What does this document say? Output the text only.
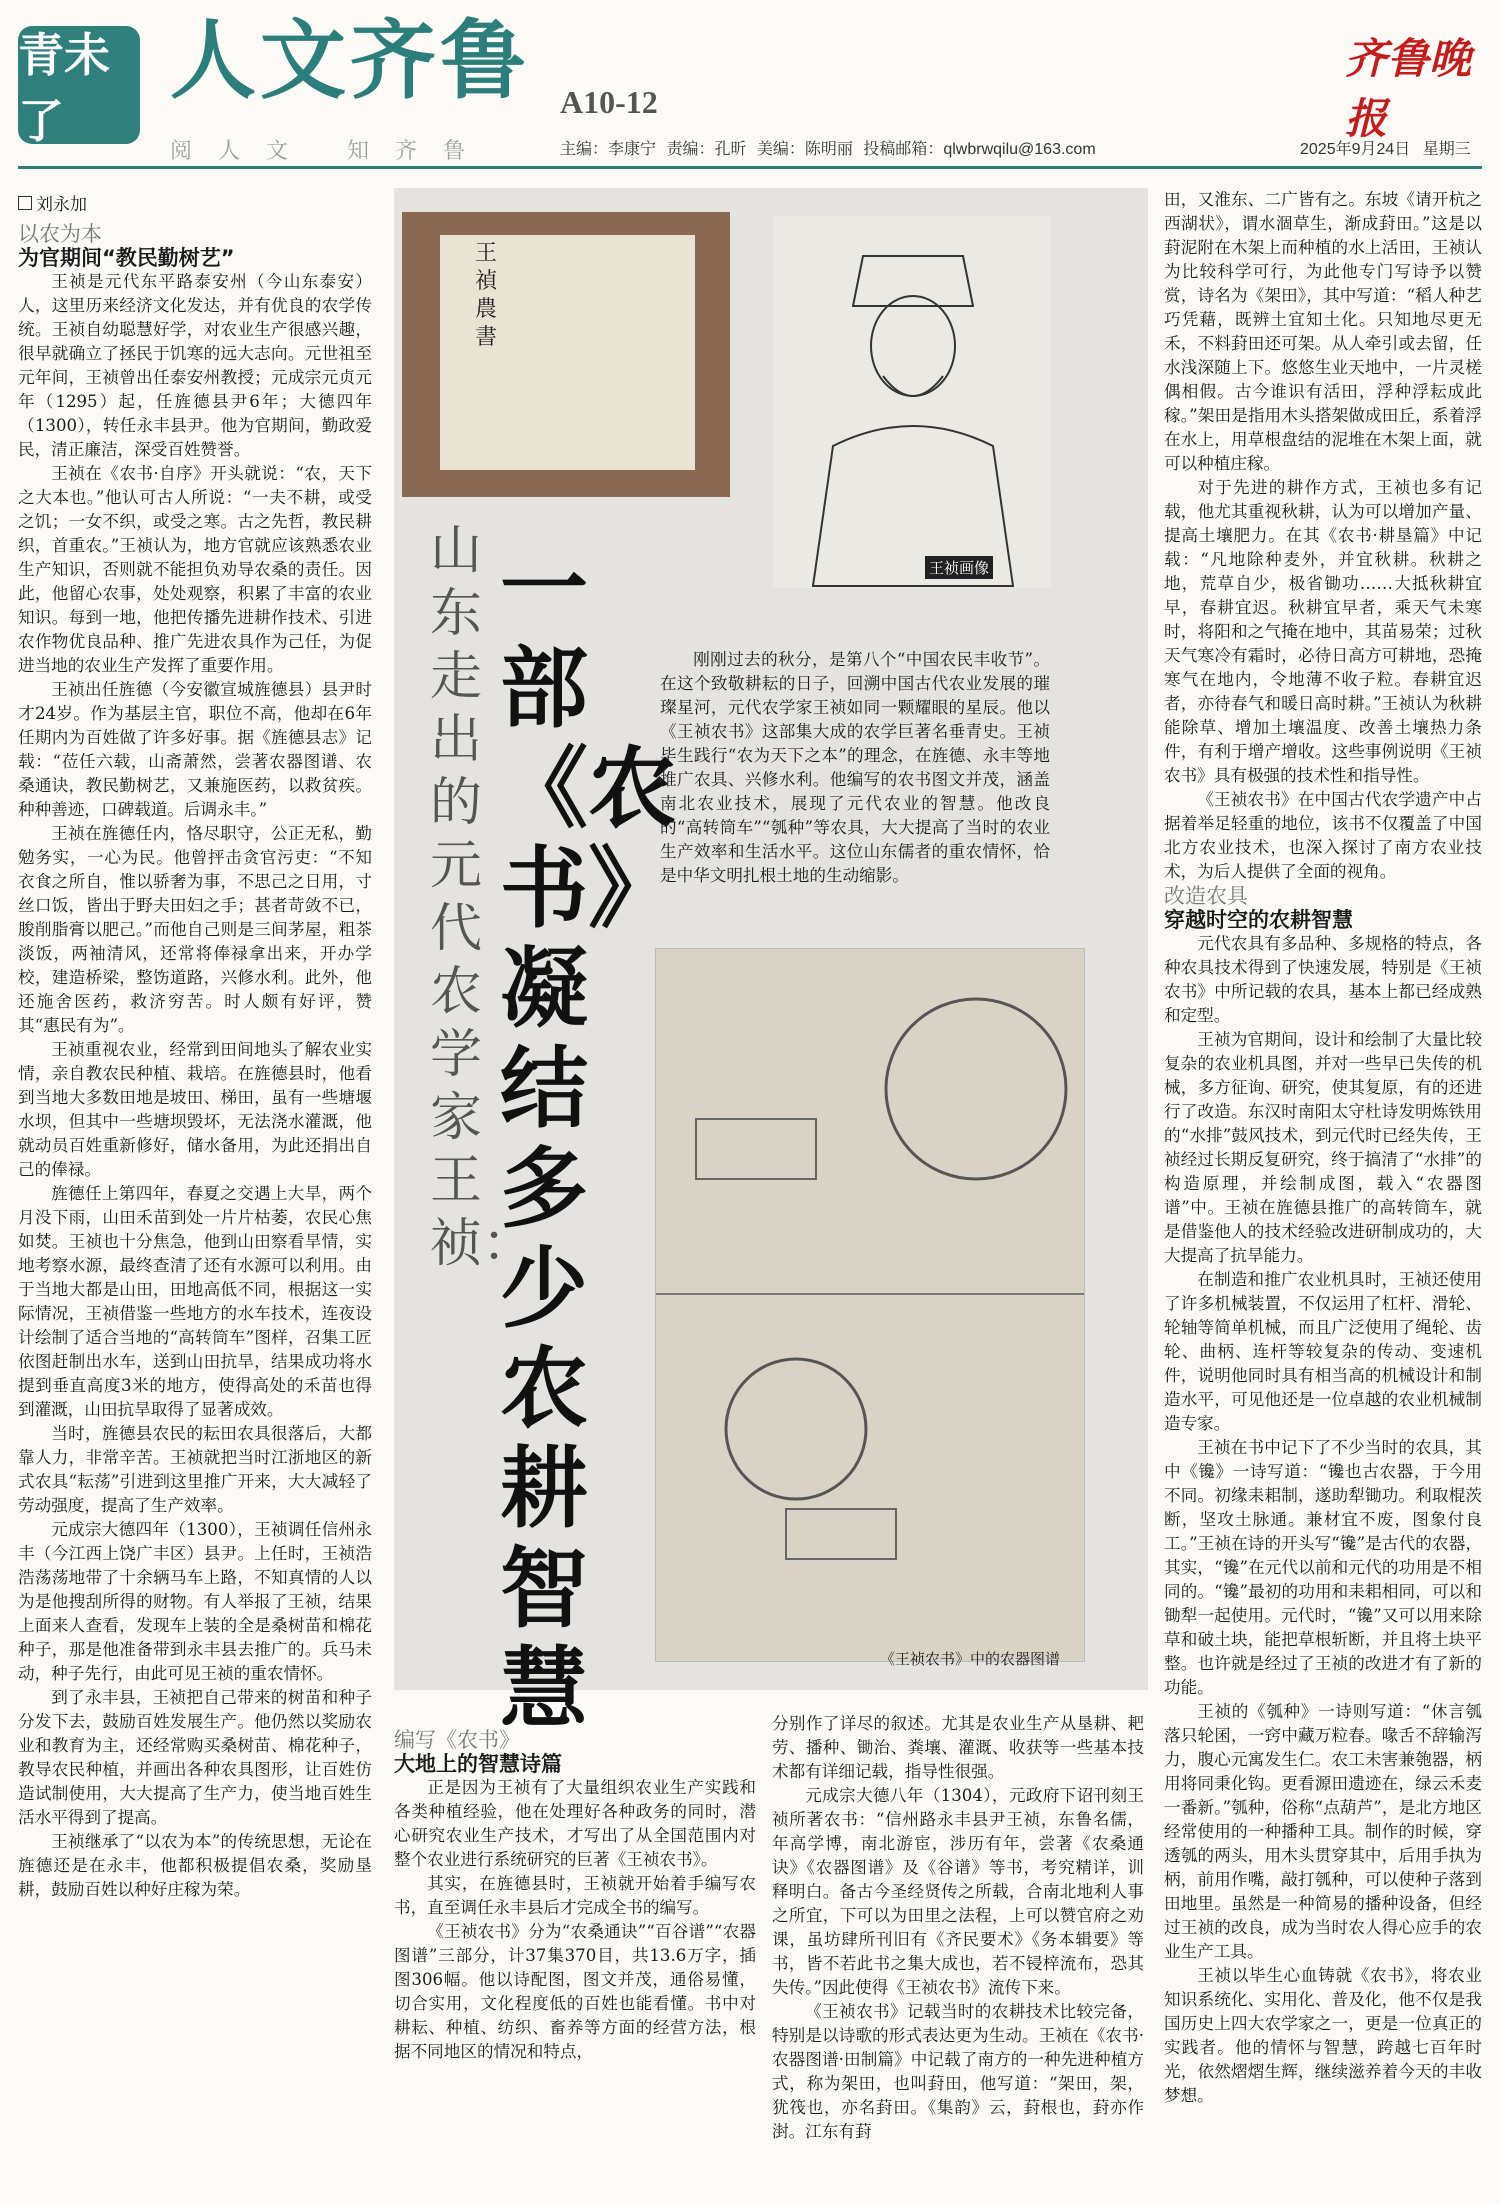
青未了
人文齐鲁 A10-12
齐鲁晚报
阅人文 知齐鲁	主编：李康宁 责编：孔昕 美编：陈明丽 投稿邮箱：qlwbrwqilu@163.com	2025年9月24日 星期三
刘永加

以农为本

为官期间“教民勤树艺”

王祯是元代东平路泰安州（今山东泰安）人，这里历来经济文化发达，并有优良的农学传统。王祯自幼聪慧好学，对农业生产很感兴趣，很早就确立了拯民于饥寒的远大志向。元世祖至元年间，王祯曾出任泰安州教授；元成宗元贞元年（1295）起，任旌德县尹6年；大德四年（1300），转任永丰县尹。他为官期间，勤政爱民，清正廉洁，深受百姓赞誉。

王祯在《农书·自序》开头就说：“农，天下之大本也。”他认可古人所说：“一夫不耕，或受之饥；一女不织，或受之寒。古之先哲，教民耕织，首重农。”王祯认为，地方官就应该熟悉农业生产知识，否则就不能担负劝导农桑的责任。因此，他留心农事，处处观察，积累了丰富的农业知识。每到一地，他把传播先进耕作技术、引进农作物优良品种、推广先进农具作为己任，为促进当地的农业生产发挥了重要作用。

王祯出任旌德（今安徽宣城旌德县）县尹时才24岁。作为基层主官，职位不高，他却在6年任期内为百姓做了许多好事。据《旌德县志》记载：“莅任六载，山斋萧然，尝著农器图谱、农桑通诀，教民勤树艺，又兼施医药，以救贫疾。种种善迹，口碑载道。后调永丰。”

王祯在旌德任内，恪尽职守，公正无私，勤勉务实，一心为民。他曾抨击贪官污吏：“不知衣食之所自，惟以骄奢为事，不思己之日用，寸丝口饭，皆出于野夫田妇之手；甚者苛敛不已，朘削脂膏以肥己。”而他自己则是三间茅屋，粗茶淡饭，两袖清风，还常将俸禄拿出来，开办学校，建造桥梁，整饬道路，兴修水利。此外，他还施舍医药，救济穷苦。时人颇有好评，赞其“惠民有为”。

王祯重视农业，经常到田间地头了解农业实情，亲自教农民种植、栽培。在旌德县时，他看到当地大多数田地是坡田、梯田，虽有一些塘堰水坝，但其中一些塘坝毁坏，无法浇水灌溉，他就动员百姓重新修好，储水备用，为此还捐出自己的俸禄。

旌德任上第四年，春夏之交遇上大旱，两个月没下雨，山田禾苗到处一片片枯萎，农民心焦如焚。王祯也十分焦急，他到山田察看旱情，实地考察水源，最终查清了还有水源可以利用。由于当地大都是山田，田地高低不同，根据这一实际情况，王祯借鉴一些地方的水车技术，连夜设计绘制了适合当地的“高转筒车”图样，召集工匠依图赶制出水车，送到山田抗旱，结果成功将水提到垂直高度3米的地方，使得高处的禾苗也得到灌溉，山田抗旱取得了显著成效。

当时，旌德县农民的耘田农具很落后，大都靠人力，非常辛苦。王祯就把当时江浙地区的新式农具“耘荡”引进到这里推广开来，大大减轻了劳动强度，提高了生产效率。

元成宗大德四年（1300），王祯调任信州永丰（今江西上饶广丰区）县尹。上任时，王祯浩浩荡荡地带了十余辆马车上路，不知真情的人以为是他搜刮所得的财物。有人举报了王祯，结果上面来人查看，发现车上装的全是桑树苗和棉花种子，那是他准备带到永丰县去推广的。兵马未动，种子先行，由此可见王祯的重农情怀。

到了永丰县，王祯把自己带来的树苗和种子分发下去，鼓励百姓发展生产。他仍然以奖励农业和教育为主，还经常购买桑树苗、棉花种子，教导农民种植，并画出各种农具图形，让百姓仿造试制使用，大大提高了生产力，使当地百姓生活水平得到了提高。

王祯继承了“以农为本”的传统思想，无论在旌德还是在永丰，他都积极提倡农桑，奖励垦耕，鼓励百姓以种好庄稼为荣。

王禎農書
王祯画像
一部《农书》凝结多少农耕智慧
山东走出的元代农学家王祯：

刚刚过去的秋分，是第八个“中国农民丰收节”。在这个致敬耕耘的日子，回溯中国古代农业发展的璀璨星河，元代农学家王祯如同一颗耀眼的星辰。他以《王祯农书》这部集大成的农学巨著名垂青史。王祯毕生践行“农为天下之本”的理念，在旌德、永丰等地推广农具、兴修水利。他编写的农书图文并茂，涵盖南北农业技术，展现了元代农业的智慧。他改良的“高转筒车”“瓠种”等农具，大大提高了当时的农业生产效率和生活水平。这位山东儒者的重农情怀，恰是中华文明扎根土地的生动缩影。

《王祯农书》中的农器图谱

编写《农书》

大地上的智慧诗篇

正是因为王祯有了大量组织农业生产实践和各类种植经验，他在处理好各种政务的同时，潜心研究农业生产技术，才写出了从全国范围内对整个农业进行系统研究的巨著《王祯农书》。

其实，在旌德县时，王祯就开始着手编写农书，直至调任永丰县后才完成全书的编写。

《王祯农书》分为“农桑通诀”“百谷谱”“农器图谱”三部分，计37集370目，共13.6万字，插图306幅。他以诗配图，图文并茂，通俗易懂，切合实用，文化程度低的百姓也能看懂。书中对耕耘、种植、纺织、畜养等方面的经营方法，根据不同地区的情况和特点，

分别作了详尽的叙述。尤其是农业生产从垦耕、耙劳、播种、锄治、粪壤、灌溉、收获等一些基本技术都有详细记载，指导性很强。

元成宗大德八年（1304），元政府下诏刊刻王祯所著农书：“信州路永丰县尹王祯，东鲁名儒，年高学博，南北游宦，涉历有年，尝著《农桑通诀》《农器图谱》及《谷谱》等书，考究精详，训释明白。备古今圣经贤传之所载，合南北地利人事之所宜，下可以为田里之法程，上可以赞官府之劝课，虽坊肆所刊旧有《齐民要术》《务本辑要》等书，皆不若此书之集大成也，若不锓梓流布，恐其失传。”因此使得《王祯农书》流传下来。

《王祯农书》记载当时的农耕技术比较完备，特别是以诗歌的形式表达更为生动。王祯在《农书·农器图谱·田制篇》中记载了南方的一种先进种植方式，称为架田，也叫葑田，他写道：“架田，架，犹筏也，亦名葑田。《集韵》云，葑根也，葑亦作湗。江东有葑

田，又淮东、二广皆有之。东坡《请开杭之西湖状》，谓水涸草生，渐成葑田。”这是以葑泥附在木架上而种植的水上活田，王祯认为比较科学可行，为此他专门写诗予以赞赏，诗名为《架田》，其中写道：“稻人种艺巧凭藉，既辨土宜知土化。只知地尽更无禾，不料葑田还可架。从人牵引或去留，任水浅深随上下。悠悠生业天地中，一片灵槎偶相假。古今谁识有活田，浮种浮耘成此稼。”架田是指用木头搭架做成田丘，系着浮在水上，用草根盘结的泥堆在木架上面，就可以种植庄稼。

对于先进的耕作方式，王祯也多有记载，他尤其重视秋耕，认为可以增加产量、提高土壤肥力。在其《农书·耕垦篇》中记载：“凡地除种麦外，并宜秋耕。秋耕之地，荒草自少，极省锄功……大抵秋耕宜早，春耕宜迟。秋耕宜早者，乘天气未寒时，将阳和之气掩在地中，其苗易荣；过秋天气寒冷有霜时，必待日高方可耕地，恐掩寒气在地内，令地薄不收子粒。春耕宜迟者，亦待春气和暖日高时耕。”王祯认为秋耕能除草、增加土壤温度、改善土壤热力条件，有利于增产增收。这些事例说明《王祯农书》具有极强的技术性和指导性。

《王祯农书》在中国古代农学遗产中占据着举足轻重的地位，该书不仅覆盖了中国北方农业技术，也深入探讨了南方农业技术，为后人提供了全面的视角。

改造农具

穿越时空的农耕智慧

元代农具有多品种、多规格的特点，各种农具技术得到了快速发展，特别是《王祯农书》中所记载的农具，基本上都已经成熟和定型。

王祯为官期间，设计和绘制了大量比较复杂的农业机具图，并对一些早已失传的机械，多方征询、研究，使其复原，有的还进行了改造。东汉时南阳太守杜诗发明炼铁用的“水排”鼓风技术，到元代时已经失传，王祯经过长期反复研究，终于搞清了“水排”的构造原理，并绘制成图，载入“农器图谱”中。王祯在旌德县推广的高转筒车，就是借鉴他人的技术经验改进研制成功的，大大提高了抗旱能力。

在制造和推广农业机具时，王祯还使用了许多机械装置，不仅运用了杠杆、滑轮、轮轴等简单机械，而且广泛使用了绳轮、齿轮、曲柄、连杆等较复杂的传动、变速机件，说明他同时具有相当高的机械设计和制造水平，可见他还是一位卓越的农业机械制造专家。

王祯在书中记下了不少当时的农具，其中《镵》一诗写道：“镵也古农器，于今用不同。初缘耒耜制，遂助犁锄功。利取棍茨断，坚攻土脉通。兼材宜不废，图象付良工。”王祯在诗的开头写“镵”是古代的农器，其实，“镵”在元代以前和元代的功用是不相同的。“镵”最初的功用和耒耜相同，可以和锄犁一起使用。元代时，“镵”又可以用来除草和破土块，能把草根斩断，并且将土块平整。也许就是经过了王祯的改进才有了新的功能。

王祯的《瓠种》一诗则写道：“休言瓠落只轮囷，一窍中藏万粒春。喙舌不辞输泻力，腹心元寓发生仁。农工未害兼匏器，柄用将同秉化钩。更看源田遗迹在，绿云禾麦一番新。”瓠种，俗称“点葫芦”，是北方地区经常使用的一种播种工具。制作的时候，穿透瓠的两头，用木头贯穿其中，后用手执为柄，前用作嘴，敲打瓠种，可以使种子落到田地里。虽然是一种简易的播种设备，但经过王祯的改良，成为当时农人得心应手的农业生产工具。

王祯以毕生心血铸就《农书》，将农业知识系统化、实用化、普及化，他不仅是我国历史上四大农学家之一，更是一位真正的实践者。他的情怀与智慧，跨越七百年时光，依然熠熠生辉，继续滋养着今天的丰收梦想。
